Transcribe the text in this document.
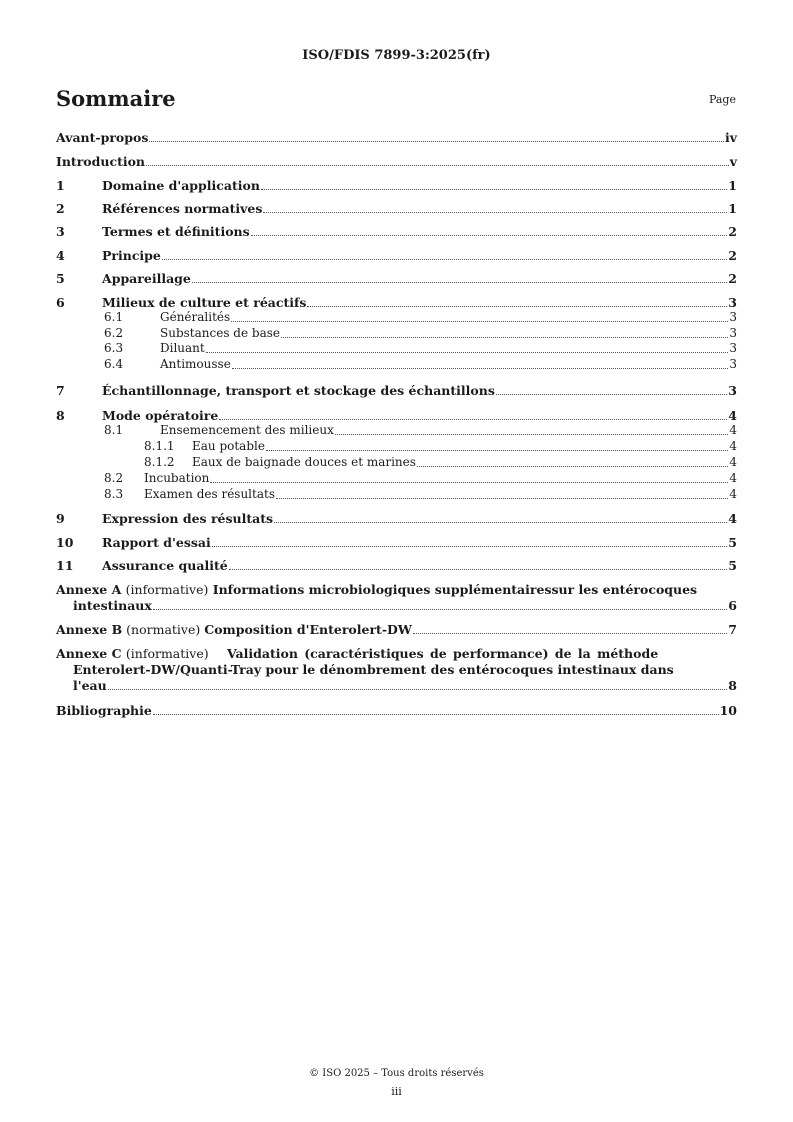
ISO/FDIS 7899-3:2025(fr)
Sommaire	Page
Avant-propos	iv
Introduction	v
1	Domaine d'application	1
2	Références normatives	1
3	Termes et définitions	2
4	Principe	2
5	Appareillage	2
6	Milieux de culture et réactifs	3
6.1	Généralités	3
6.2	Substances de base	3
6.3	Diluant	3
6.4	Antimousse	3
7	Échantillonnage, transport et stockage des échantillons	3
8	Mode opératoire	4
8.1	Ensemencement des milieux	4
8.1.1	Eau potable	4
8.1.2	Eaux de baignade douces et marines	4
8.2	Incubation	4
8.3	Examen des résultats	4
9	Expression des résultats	4
10	Rapport d'essai	5
11	Assurance qualité	5
Annexe A (informative) Informations microbiologiques supplémentairessur les entérocoques
intestinaux	6
Annexe B (normative) Composition d'Enterolert-DW	7
Annexe C (informative) Validation (caractéristiques de performance) de la méthode
Enterolert-DW/Quanti-Tray pour le dénombrement des entérocoques intestinaux dans
l'eau	8
Bibliographie	10
© ISO 2025 – Tous droits réservés
iii
